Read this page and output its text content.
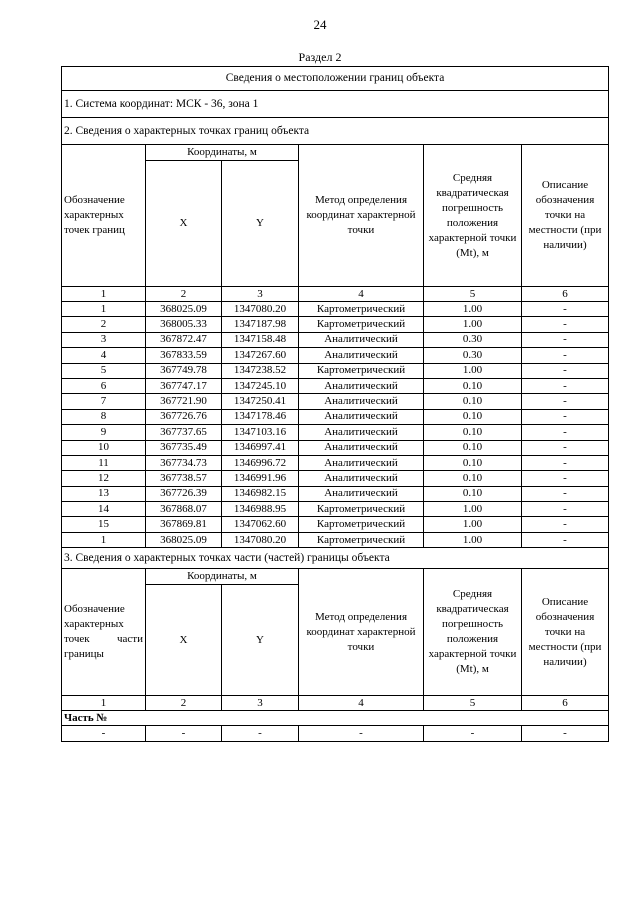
24
Раздел 2
Сведения о местоположении границ объекта					
1. Система координат: МСК - 36, зона 1					
2. Сведения о характерных точках границ объекта					
Обозначение характерных точек границ	Координаты, м		Метод определения координат характерной точки	Средняя квадратическая погрешность положения характерной точки (Mt), м	Описание обозначения точки на местности (при наличии)
	X	Y			
1	2	3	4	5	6
1	368025.09	1347080.20	Картометрический	1.00	-
2	368005.33	1347187.98	Картометрический	1.00	-
3	367872.47	1347158.48	Аналитический	0.30	-
4	367833.59	1347267.60	Аналитический	0.30	-
5	367749.78	1347238.52	Картометрический	1.00	-
6	367747.17	1347245.10	Аналитический	0.10	-
7	367721.90	1347250.41	Аналитический	0.10	-
8	367726.76	1347178.46	Аналитический	0.10	-
9	367737.65	1347103.16	Аналитический	0.10	-
10	367735.49	1346997.41	Аналитический	0.10	-
11	367734.73	1346996.72	Аналитический	0.10	-
12	367738.57	1346991.96	Аналитический	0.10	-
13	367726.39	1346982.15	Аналитический	0.10	-
14	367868.07	1346988.95	Картометрический	1.00	-
15	367869.81	1347062.60	Картометрический	1.00	-
1	368025.09	1347080.20	Картометрический	1.00	-
3. Сведения о характерных точках части (частей) границы объекта					

Обозначение
характерных
точек части
границы	Координаты, м		Метод определения координат характерной точки	Средняя квадратическая погрешность положения характерной точки (Mt), м	Описание обозначения точки на местности (при наличии)
	X	Y			
1	2	3	4	5	6
Часть №					
-	-	-	-	-	-
